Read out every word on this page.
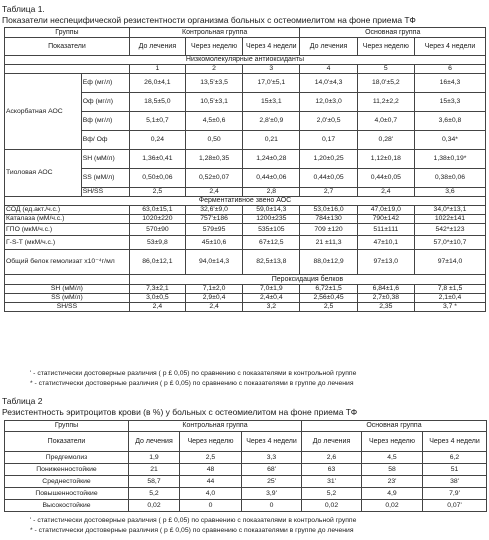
Таблица 1.
Показатели неспецифической резистентности организма больных с остеомиелитом на фоне приема ТФ
Группы		Контрольная группа			Основная группа		
Показатели		До лечения	Через неделю	Через 4 недели	До лечения	Через неделю	Через 4 недели
Низкомолекулярные антиоксиданты							
		1	2	3	4	5	6
Аскорбатная АОС	Еф (мг/л)	26,0±4,1	13,5'±3,5	17,0'±5,1	14,0'±4,3	18,0'±5,2	16±4,3
	Оф (мг/л)	18,5±5,0	10,5'±3,1	15±3,1	12,0±3,0	11,2±2,2	15±3,3
	Вф (мг/л)	5,1±0,7	4,5±0,6	2,8'±0,9	2,0'±0,5	4,0±0,7	3,6±0,8
	Вф/ Оф	0,24	0,50	0,21	0,17	0,28'	0,34*
Тиоловая АОС	SH (мМ/л)	1,36±0,41	1,28±0,35	1,24±0,28	1,20±0,25	1,12±0,18	1,38±0,19*
	SS (мМ/л)	0,50±0,06	0,52±0,07	0,44±0,06	0,44±0,05	0,44±0,05	0,38±0,06
	SH/SS	2,5	2,4	2,8	2,7	2,4	3,6
Ферментативное звено АОС							
СОД (ед.акт./ч.с.)		63,0±15,1	32,6'±9,0	59,0±14,3	53,0±16,0	47,0±19,0	34,0*±13,1
Каталаза (мМ/ч.с.)		1020±220	757'±186	1200±235	784±130	790±142	1022±141
ГПО (мкМ/ч.с.)		570±90	579±95	535±105	709 ±120	511±111	542*±123
Г-S-T (мкМ/ч.с.)		53±9,8	45±10,6	67±12,5	21 ±11,3	47±10,1	57,0*±10,7
Общий белок гемолизат х10⁻⁴г/мл		86,0±12,1	94,0±14,3	82,5±13,8	88,0±12,9	97±13,0	97±14,0
		Пероксидация белков					
SH (мМ/л)		7,3±2,1	7,1±2,0	7,0±1,9	6,72±1,5	6,84±1,6	7,8 ±1,5
SS (мМ/л)		3,0±0,5	2,9±0,4	2,4±0,4	2,56±0,45	2,7±0,38	2,1±0,4
SH/SS		2,4	2,4	3,2	2,5	2,35	3,7 *
' - статистически достоверные различия ( р £ 0,05) по сравнению с показателями в контрольной группе
* - статистически достоверные различия ( р £ 0,05) по сравнению с показателями в группе до лечения
Таблица 2
Резистентность эритроцитов крови (в %) у больных с остеомиелитом на фоне приема ТФ
Группы	Контрольная группа			Основная группа		
Показатели	До лечения	Через неделю	Через 4 недели	До лечения	Через неделю	Через 4 недели
Предгемолиз	1,9	2,5	3,3	2,6	4,5	6,2
Пониженностойкие	21	48	68'	63	58	51
Среднестойкие	58,7	44	25'	31'	23'	38'
Повышенностойкие	5,2	4,0	3,9'	5,2	4,9	7,9'
Высокостойкие	0,02	0	0	0,02	0,02	0,07'
' - статистически достоверные различия ( р £ 0,05) по сравнению с показателями в контрольной группе
* - статистически достоверные различия ( р £ 0,05) по сравнению с показателями в группе до лечения
